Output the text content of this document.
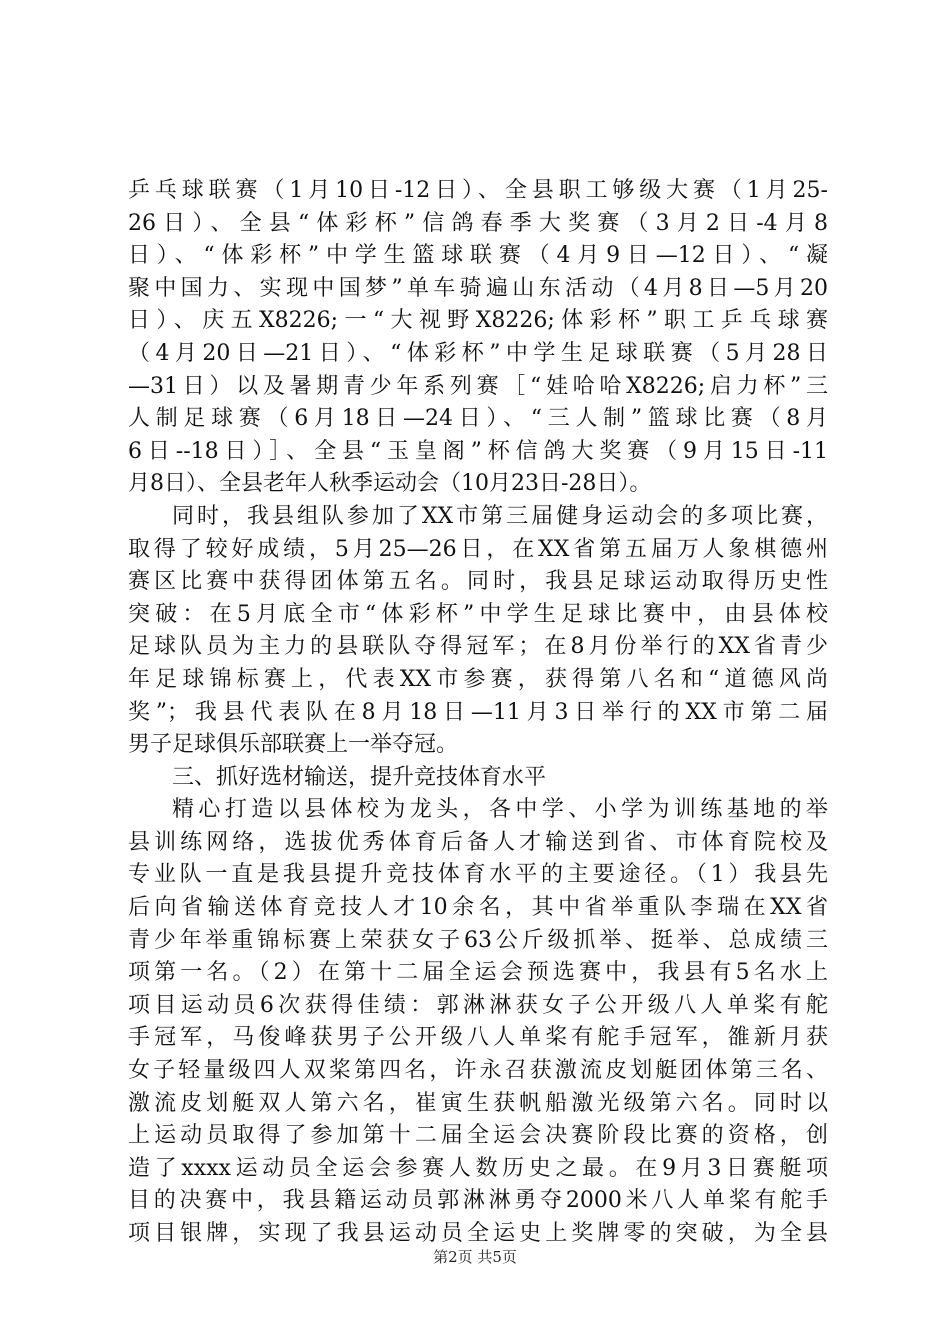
乒乓球联赛（1月10日-12日）、全县职工够级大赛（1月25-
26日）、全县“体彩杯”信鸽春季大奖赛（3月2日-4月8
日）、“体彩杯”中学生篮球联赛（4月9日—12日）、“凝
聚中国力、实现中国梦”单车骑遍山东活动（4月8日—5月20
日）、庆五X8226;一“大视野X8226;体彩杯”职工乒乓球赛
（4月20日—21日）、“体彩杯”中学生足球联赛（5月28日
—31日）以及暑期青少年系列赛［“娃哈哈X8226;启力杯”三
人制足球赛（6月18日—24日）、“三人制”篮球比赛（8月
6日--18日）］、全县“玉皇阁”杯信鸽大奖赛（9月15日-11
月8日）、全县老年人秋季运动会（10月23日-28日）。
同时，我县组队参加了XX市第三届健身运动会的多项比赛，
取得了较好成绩，5月25—26日，在XX省第五届万人象棋德州
赛区比赛中获得团体第五名。同时，我县足球运动取得历史性
突破：在5月底全市“体彩杯”中学生足球比赛中，由县体校
足球队员为主力的县联队夺得冠军；在8月份举行的XX省青少
年足球锦标赛上，代表XX市参赛，获得第八名和“道德风尚
奖”；我县代表队在8月18日—11月3日举行的XX市第二届
男子足球俱乐部联赛上一举夺冠。
三、抓好选材输送，提升竞技体育水平
精心打造以县体校为龙头，各中学、小学为训练基地的举
县训练网络，选拔优秀体育后备人才输送到省、市体育院校及
专业队一直是我县提升竞技体育水平的主要途径。（1）我县先
后向省输送体育竞技人才10余名，其中省举重队李瑞在XX省
青少年举重锦标赛上荣获女子63公斤级抓举、挺举、总成绩三
项第一名。（2）在第十二届全运会预选赛中，我县有5名水上
项目运动员6次获得佳绩：郭淋淋获女子公开级八人单桨有舵
手冠军，马俊峰获男子公开级八人单桨有舵手冠军，雒新月获
女子轻量级四人双桨第四名，许永召获激流皮划艇团体第三名、
激流皮划艇双人第六名，崔寅生获帆船激光级第六名。同时以
上运动员取得了参加第十二届全运会决赛阶段比赛的资格，创
造了xxxx运动员全运会参赛人数历史之最。在9月3日赛艇项
目的决赛中，我县籍运动员郭淋淋勇夺2000米八人单桨有舵手
项目银牌，实现了我县运动员全运史上奖牌零的突破，为全县
第2页 共5页
